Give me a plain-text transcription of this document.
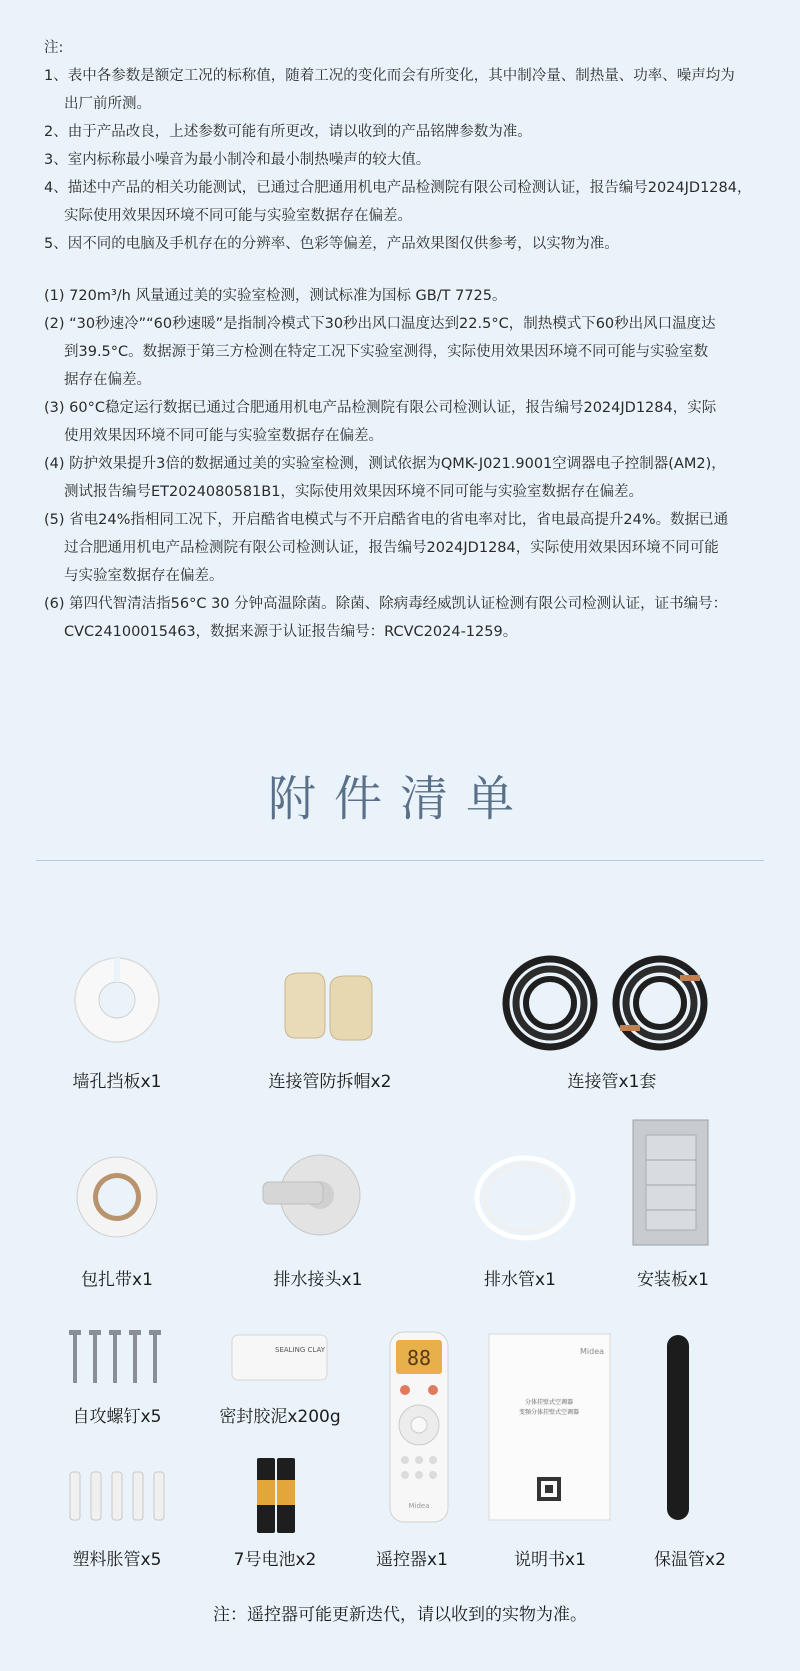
注:

1、表中各参数是额定工况的标称值，随着工况的变化而会有所变化，其中制冷量、制热量、功率、噪声均为

出厂前所测。

2、由于产品改良，上述参数可能有所更改，请以收到的产品铭牌参数为准。

3、室内标称最小噪音为最小制冷和最小制热噪声的较大值。

4、描述中产品的相关功能测试，已通过合肥通用机电产品检测院有限公司检测认证，报告编号2024JD1284，

实际使用效果因环境不同可能与实验室数据存在偏差。

5、因不同的电脑及手机存在的分辨率、色彩等偏差，产品效果图仅供参考，以实物为准。

(1) 720m³/h 风量通过美的实验室检测，测试标准为国标 GB/T 7725。

(2) “30秒速冷”“60秒速暖”是指制冷模式下30秒出风口温度达到22.5°C，制热模式下60秒出风口温度达

到39.5°C。数据源于第三方检测在特定工况下实验室测得，实际使用效果因环境不同可能与实验室数

据存在偏差。

(3) 60°C稳定运行数据已通过合肥通用机电产品检测院有限公司检测认证，报告编号2024JD1284，实际

使用效果因环境不同可能与实验室数据存在偏差。

(4) 防护效果提升3倍的数据通过美的实验室检测，测试依据为QMK-J021.9001空调器电子控制器(AM2)，

测试报告编号ET2024080581B1，实际使用效果因环境不同可能与实验室数据存在偏差。

(5) 省电24%指相同工况下，开启酷省电模式与不开启酷省电的省电率对比，省电最高提升24%。数据已通

过合肥通用机电产品检测院有限公司检测认证，报告编号2024JD1284，实际使用效果因环境不同可能

与实验室数据存在偏差。

(6) 第四代智清洁指56°C 30 分钟高温除菌。除菌、除病毒经威凯认证检测有限公司检测认证，证书编号：

CVC24100015463，数据来源于认证报告编号：RCVC2024-1259。

附件清单
墙孔挡板x1	连接管防拆帽x2	连接管x1套
包扎带x1	排水接头x1	排水管x1	安装板x1
SEALING CLAY
自攻螺钉x5	密封胶泥x200g
88
Midea
Midea
分体挂壁式空调器
变频分体挂壁式空调器
塑料胀管x5	7号电池x2	遥控器x1	说明书x1	保温管x2
注：遥控器可能更新迭代，请以收到的实物为准。
